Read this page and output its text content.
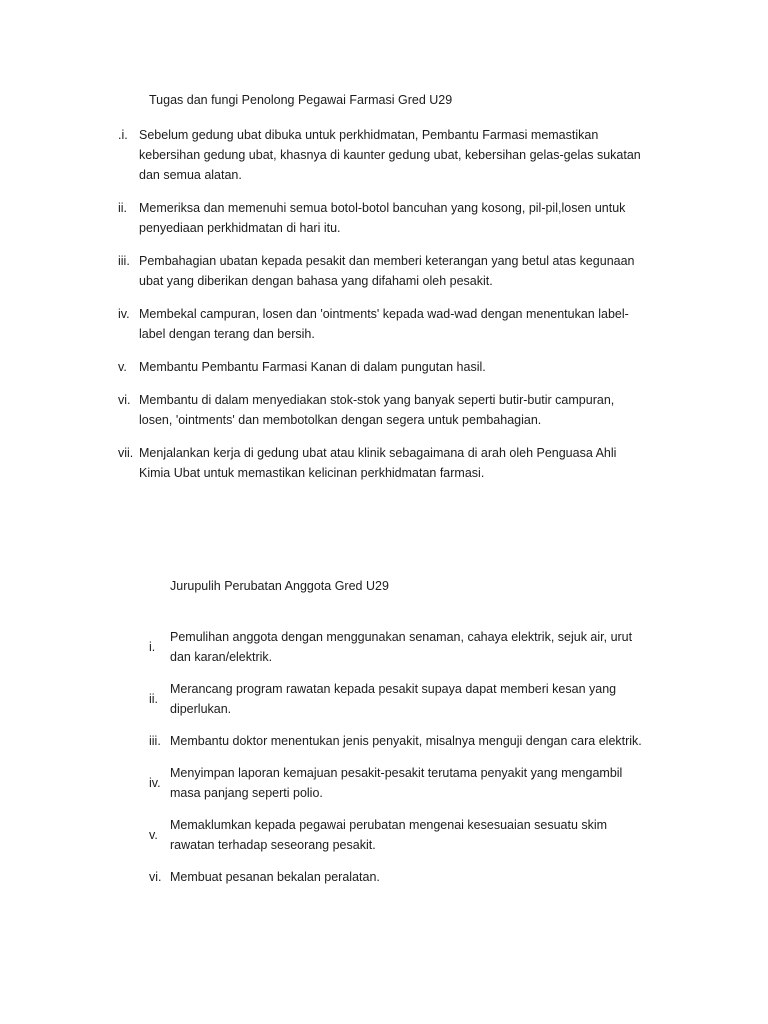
Tugas dan fungi Penolong Pegawai Farmasi Gred U29
.i. Sebelum gedung ubat dibuka untuk perkhidmatan, Pembantu Farmasi memastikan kebersihan gedung ubat, khasnya di kaunter gedung ubat, kebersihan gelas-gelas sukatan dan semua alatan.
ii. Memeriksa dan memenuhi semua botol-botol bancuhan yang kosong, pil-pil,losen untuk penyediaan perkhidmatan di hari itu.
iii. Pembahagian ubatan kepada pesakit dan memberi keterangan yang betul atas kegunaan ubat yang diberikan dengan bahasa yang difahami oleh pesakit.
iv. Membekal campuran, losen dan 'ointments' kepada wad-wad dengan menentukan label-label dengan terang dan bersih.
v. Membantu Pembantu Farmasi Kanan di dalam pungutan hasil.
vi. Membantu di dalam menyediakan stok-stok yang banyak seperti butir-butir campuran, losen, 'ointments' dan membotolkan dengan segera untuk pembahagian.
vii. Menjalankan kerja di gedung ubat atau klinik sebagaimana di arah oleh Penguasa Ahli Kimia Ubat untuk memastikan kelicinan perkhidmatan farmasi.
Jurupulih Perubatan Anggota Gred U29
i.
Pemulihan anggota dengan menggunakan senaman, cahaya elektrik, sejuk air, urut dan karan/elektrik.
ii.
Merancang program rawatan kepada pesakit supaya dapat memberi kesan yang diperlukan.
iii. Membantu doktor menentukan jenis penyakit, misalnya menguji dengan cara elektrik.
iv.
Menyimpan laporan kemajuan pesakit-pesakit terutama penyakit yang mengambil masa panjang seperti polio.
v.
Memaklumkan kepada pegawai perubatan mengenai kesesuaian sesuatu skim rawatan terhadap seseorang pesakit.
vi. Membuat pesanan bekalan peralatan.
